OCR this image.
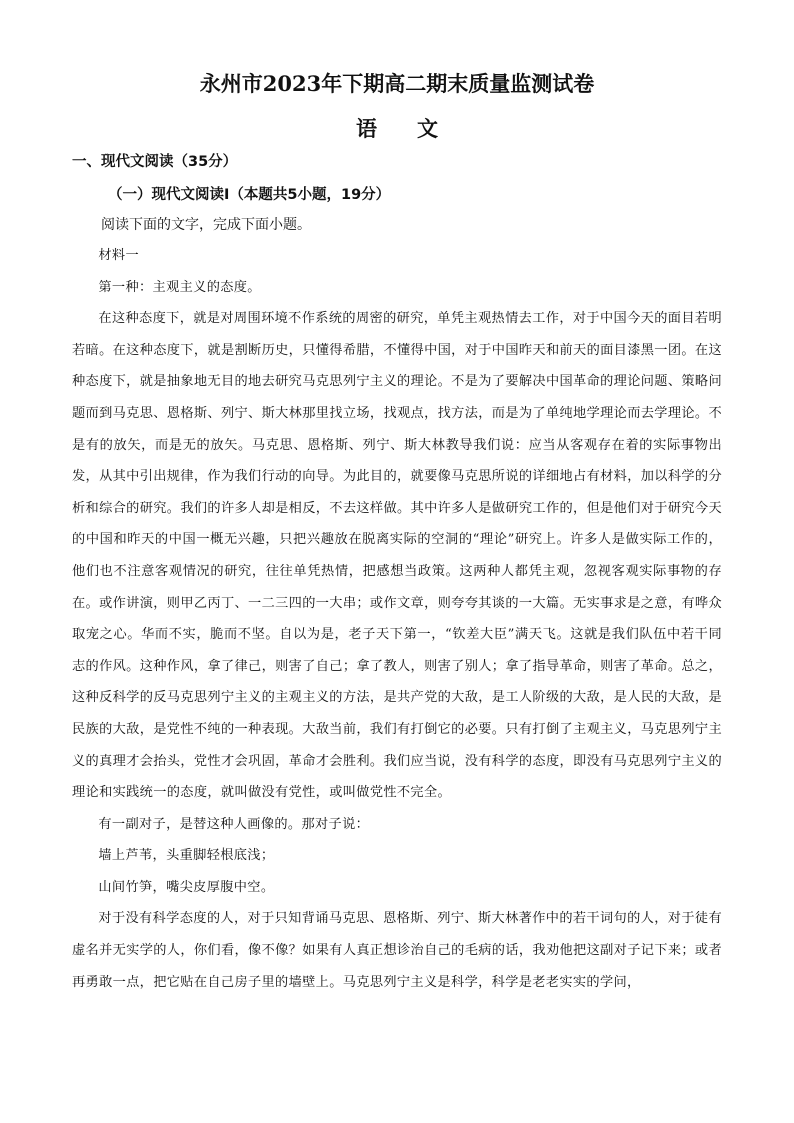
永州市2023年下期高二期末质量监测试卷
语文
一、现代文阅读（35分）
（一）现代文阅读Ⅰ（本题共5小题，19分）
阅读下面的文字，完成下面小题。

材料一

第一种：主观主义的态度。

在这种态度下，就是对周围环境不作系统的周密的研究，单凭主观热情去工作，对于中国今天的面目若明若暗。在这种态度下，就是割断历史，只懂得希腊，不懂得中国，对于中国昨天和前天的面目漆黑一团。在这种态度下，就是抽象地无目的地去研究马克思列宁主义的理论。不是为了要解决中国革命的理论问题、策略问题而到马克思、恩格斯、列宁、斯大林那里找立场，找观点，找方法，而是为了单纯地学理论而去学理论。不是有的放矢，而是无的放矢。马克思、恩格斯、列宁、斯大林教导我们说：应当从客观存在着的实际事物出发，从其中引出规律，作为我们行动的向导。为此目的，就要像马克思所说的详细地占有材料，加以科学的分析和综合的研究。我们的许多人却是相反，不去这样做。其中许多人是做研究工作的，但是他们对于研究今天的中国和昨天的中国一概无兴趣，只把兴趣放在脱离实际的空洞的“理论”研究上。许多人是做实际工作的，他们也不注意客观情况的研究，往往单凭热情，把感想当政策。这两种人都凭主观，忽视客观实际事物的存在。或作讲演，则甲乙丙丁、一二三四的一大串；或作文章，则夸夸其谈的一大篇。无实事求是之意，有哗众取宠之心。华而不实，脆而不坚。自以为是，老子天下第一，“钦差大臣”满天飞。这就是我们队伍中若干同志的作风。这种作风，拿了律己，则害了自己；拿了教人，则害了别人；拿了指导革命，则害了革命。总之，这种反科学的反马克思列宁主义的主观主义的方法，是共产党的大敌，是工人阶级的大敌，是人民的大敌，是民族的大敌，是党性不纯的一种表现。大敌当前，我们有打倒它的必要。只有打倒了主观主义，马克思列宁主义的真理才会抬头，党性才会巩固，革命才会胜利。我们应当说，没有科学的态度，即没有马克思列宁主义的理论和实践统一的态度，就叫做没有党性，或叫做党性不完全。

有一副对子，是替这种人画像的。那对子说：

墙上芦苇，头重脚轻根底浅；

山间竹笋，嘴尖皮厚腹中空。

对于没有科学态度的人，对于只知背诵马克思、恩格斯、列宁、斯大林著作中的若干词句的人，对于徒有虚名并无实学的人，你们看，像不像？如果有人真正想诊治自己的毛病的话，我劝他把这副对子记下来；或者再勇敢一点，把它贴在自己房子里的墙壁上。马克思列宁主义是科学，科学是老老实实的学问，
